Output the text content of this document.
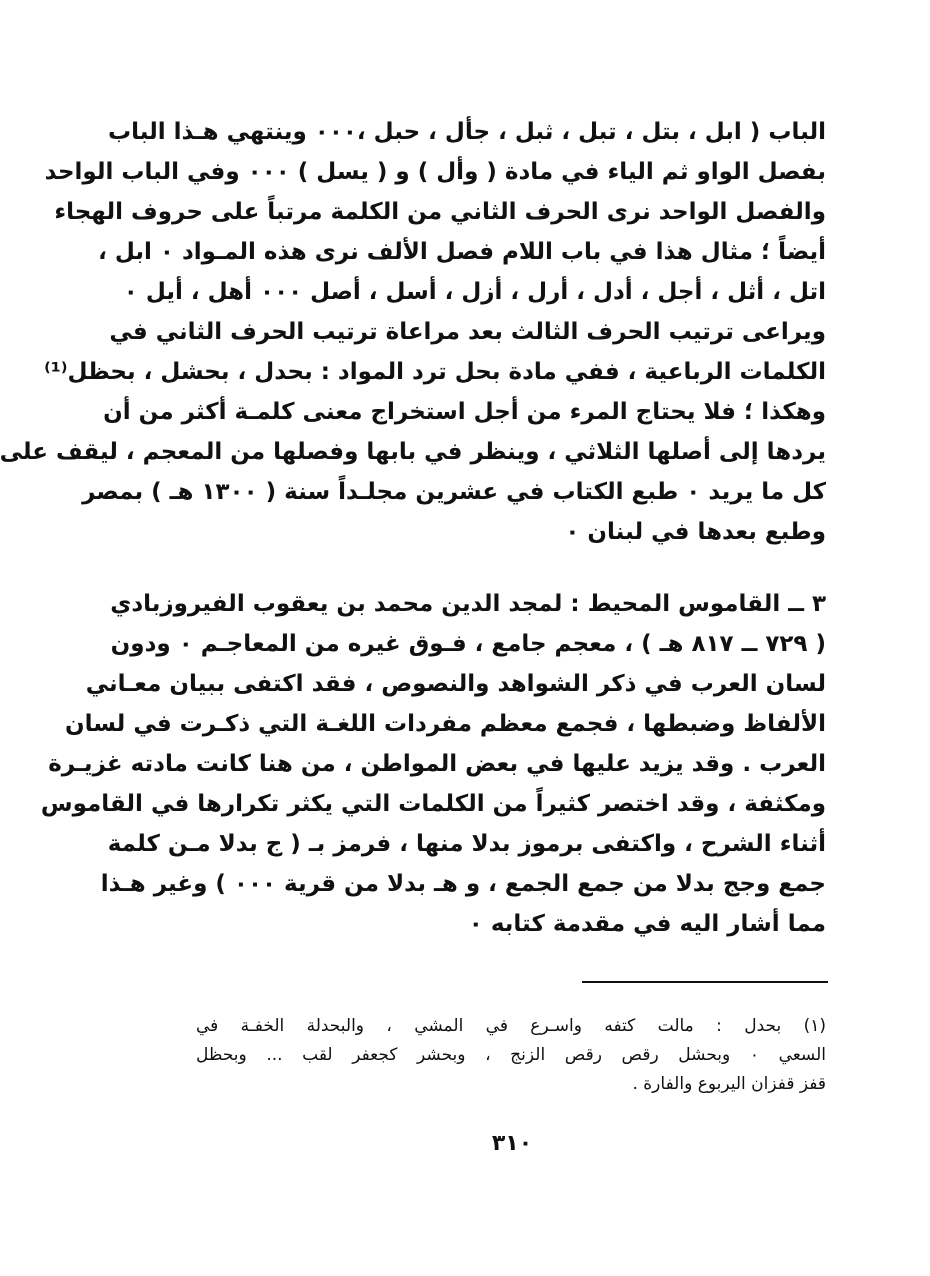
الباب ( ابل ، بتل ، تبل ، ثبل ، جأل ، حبل ،٠٠٠ وينتهي هـذا الباب
بفصل الواو ثم الياء في مادة ( وأل ) و ( يسل ) ٠٠٠ وفي الباب الواحد
والفصل الواحد نرى الحرف الثاني من الكلمة مرتباً على حروف الهجاء
أيضاً ؛ مثال هذا في باب اللام فصل الألف نرى هذه المـواد ٠ ابل ،
اتل ، أثل ، أجل ، أدل ، أرل ، أزل ، أسل ، أصل ٠٠٠ أهل ، أيل ٠
ويراعى ترتيب الحرف الثالث بعد مراعاة ترتيب الحرف الثاني في
الكلمات الرباعية ، ففي مادة بحل ترد المواد : بحدل ، بحشل ، بحظل⁽¹⁾
وهكذا ؛ فلا يحتاج المرء من أجل استخراج معنى كلمـة أكثر من أن
يردها إلى أصلها الثلاثي ، وينظر في بابها وفصلها من المعجم ، ليقف على
كل ما يريد ٠ طبع الكتاب في عشرين مجلـداً سنة ( ١٣٠٠ هـ ) بمصر
وطبع بعدها في لبنان ٠
٣ ــ القاموس المحيط : لمجد الدين محمد بن يعقوب الفيروزبادي
( ٧٢٩ ــ ٨١٧ هـ ) ، معجم جامع ، فـوق غيره من المعاجـم ٠ ودون
لسان العرب في ذكر الشواهد والنصوص ، فقد اكتفى ببيان معـاني
الألفاظ وضبطها ، فجمع معظم مفردات اللغـة التي ذكـرت في لسان
العرب . وقد يزيد عليها في بعض المواطن ، من هنا كانت مادته غزيـرة
ومكثفة ، وقد اختصر كثيراً من الكلمات التي يكثر تكرارها في القاموس
أثناء الشرح ، واكتفى برموز بدلا منها ، فرمز بـ ( ج بدلا مـن كلمة
جمع وجج بدلا من جمع الجمع ، و هـ بدلا من قرية ٠٠٠ ) وغير هـذا
مما أشار اليه في مقدمة كتابه ٠
(١) بحدل : مالت كتفه واسـرع في المشي ، والبحدلة الخفـة في
السعي ٠ وبحشل رقص رقص الزنج ، وبحشر كجعفر لقب ... وبحظل
قفز قفزان اليربوع والفارة .
٣١٠
